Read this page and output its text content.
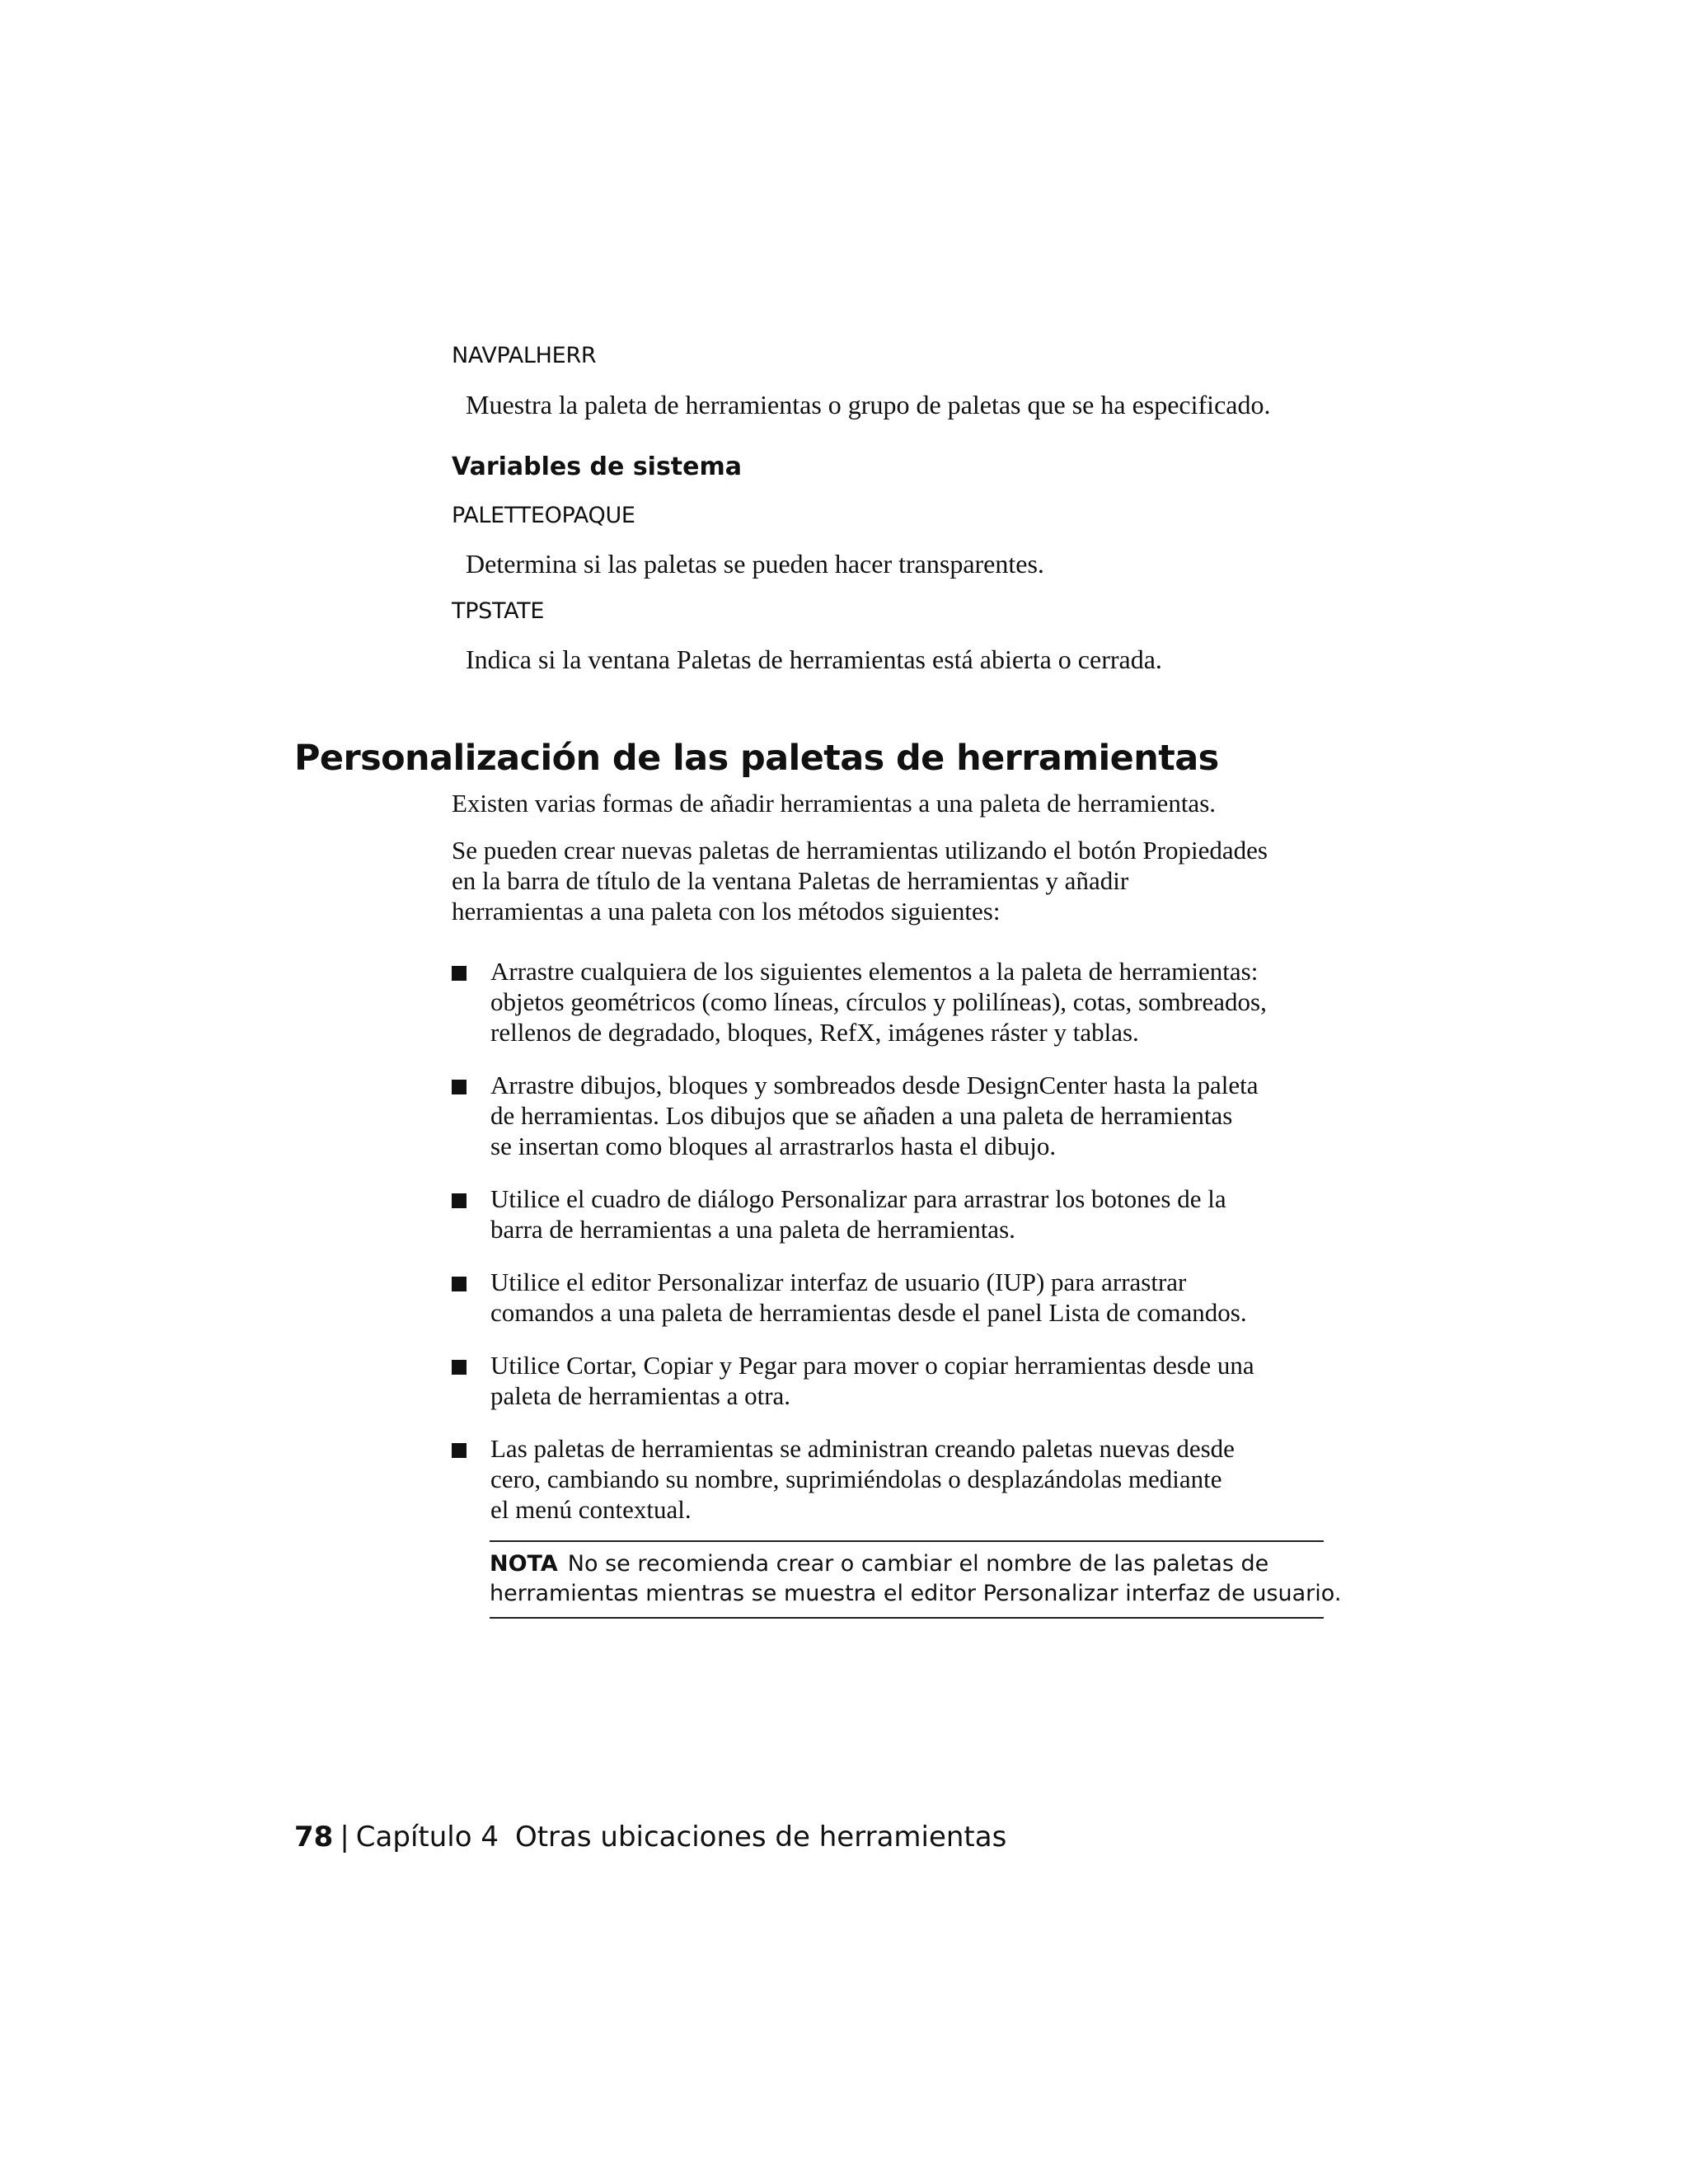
NAVPALHERR
Muestra la paleta de herramientas o grupo de paletas que se ha especificado.
Variables de sistema
PALETTEOPAQUE
Determina si las paletas se pueden hacer transparentes.
TPSTATE
Indica si la ventana Paletas de herramientas está abierta o cerrada.
Personalización de las paletas de herramientas
Existen varias formas de añadir herramientas a una paleta de herramientas.
Se pueden crear nuevas paletas de herramientas utilizando el botón Propiedades
en la barra de título de la ventana Paletas de herramientas y añadir
herramientas a una paleta con los métodos siguientes:
Arrastre cualquiera de los siguientes elementos a la paleta de herramientas:
objetos geométricos (como líneas, círculos y polilíneas), cotas, sombreados,
rellenos de degradado, bloques, RefX, imágenes ráster y tablas.
Arrastre dibujos, bloques y sombreados desde DesignCenter hasta la paleta
de herramientas. Los dibujos que se añaden a una paleta de herramientas
se insertan como bloques al arrastrarlos hasta el dibujo.
Utilice el cuadro de diálogo Personalizar para arrastrar los botones de la
barra de herramientas a una paleta de herramientas.
Utilice el editor Personalizar interfaz de usuario (IUP) para arrastrar
comandos a una paleta de herramientas desde el panel Lista de comandos.
Utilice Cortar, Copiar y Pegar para mover o copiar herramientas desde una
paleta de herramientas a otra.
Las paletas de herramientas se administran creando paletas nuevas desde
cero, cambiando su nombre, suprimiéndolas o desplazándolas mediante
el menú contextual.
NOTA No se recomienda crear o cambiar el nombre de las paletas de
herramientas mientras se muestra el editor Personalizar interfaz de usuario.
78 | Capítulo 4 Otras ubicaciones de herramientas
